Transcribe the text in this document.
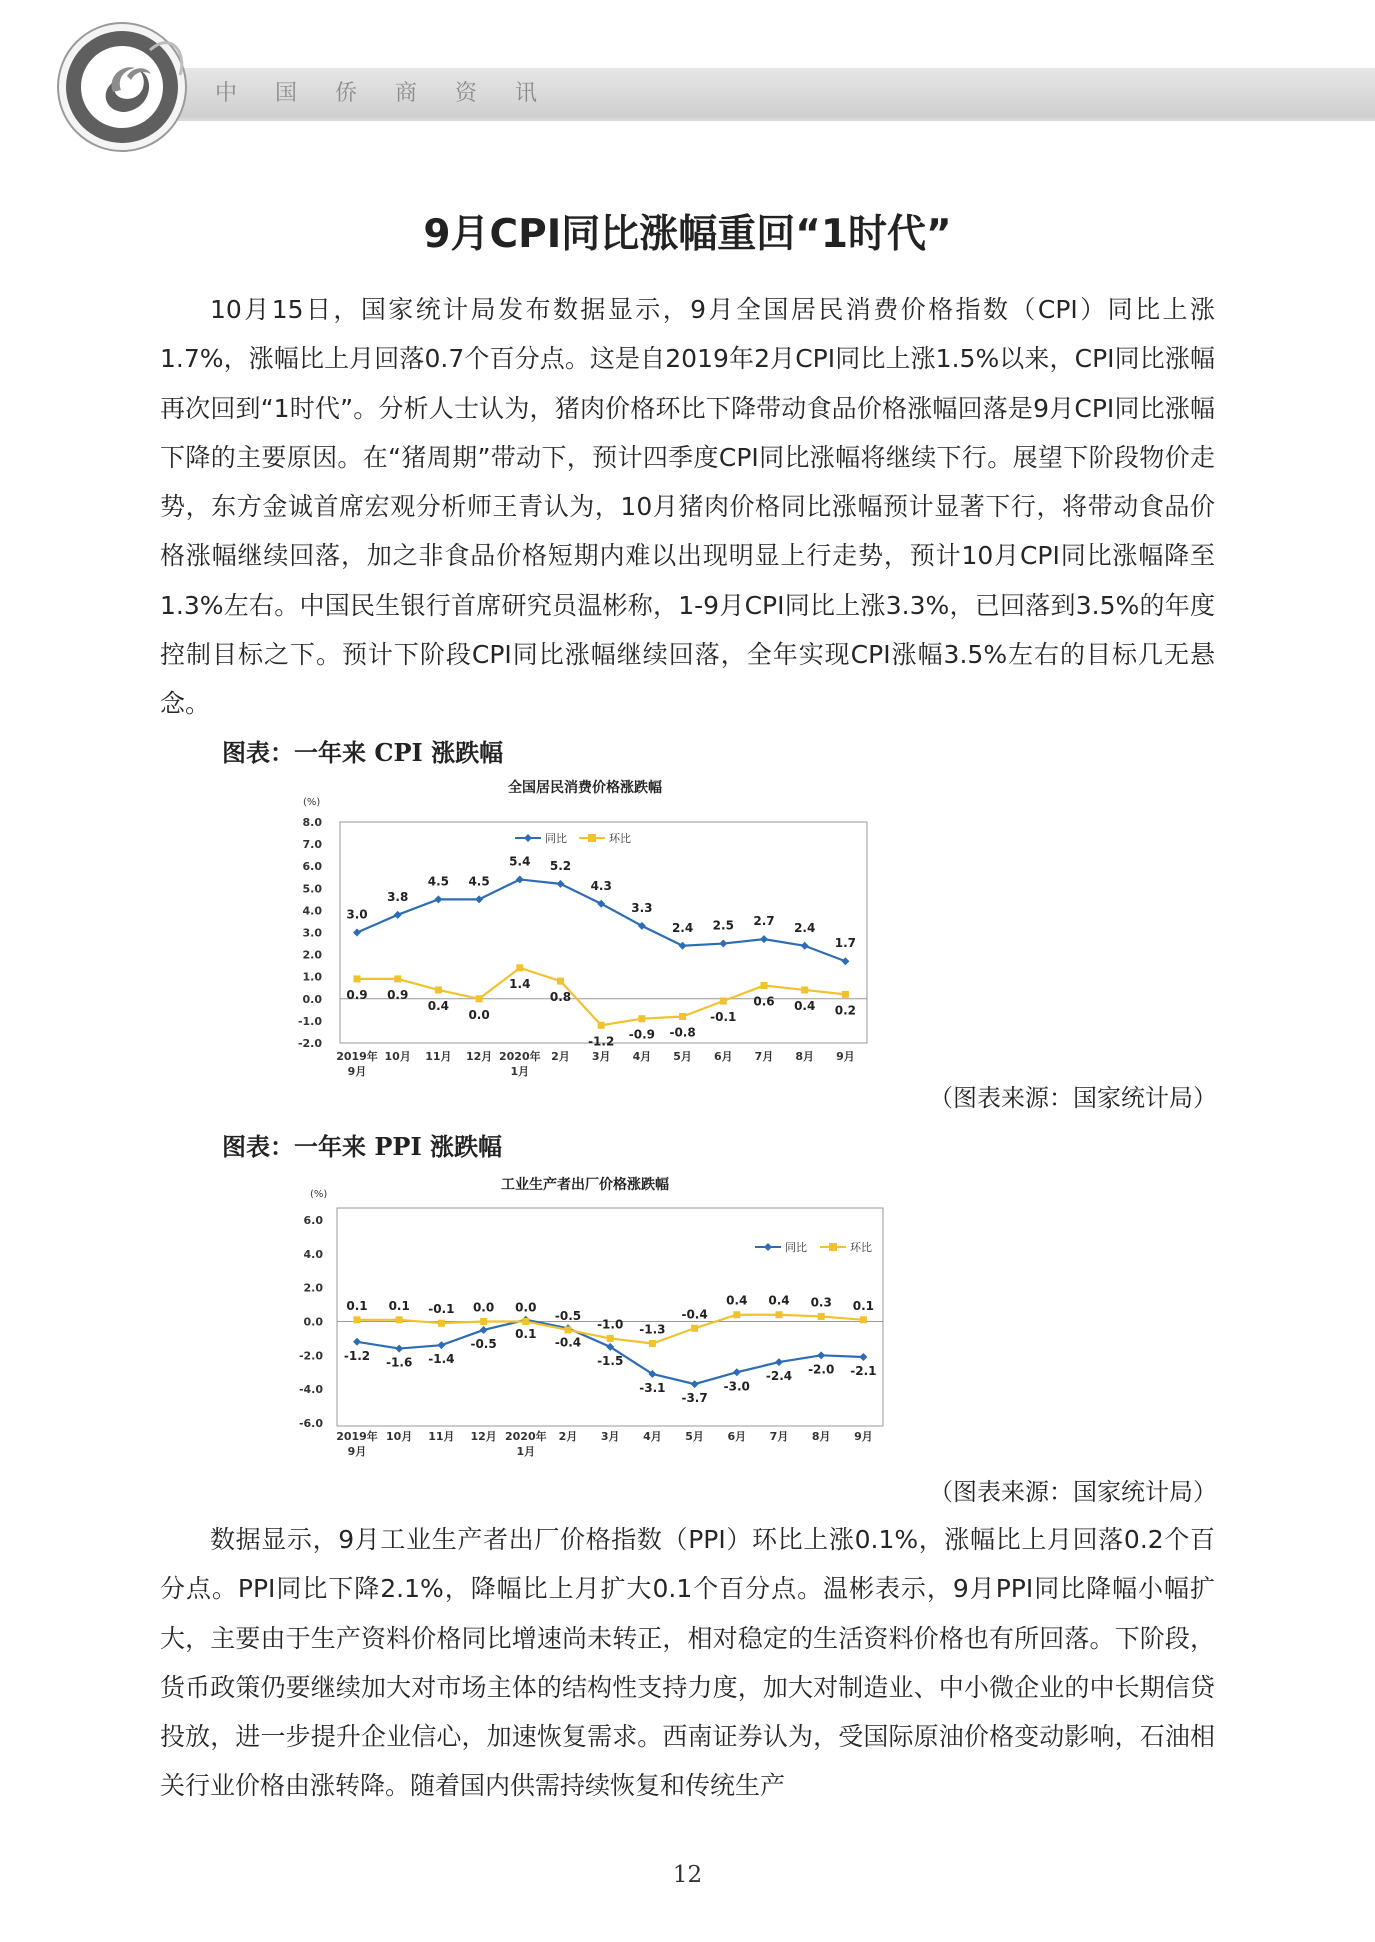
中国侨商资讯
9月CPI同比涨幅重回“1时代”
10月15日，国家统计局发布数据显示，9月全国居民消费价格指数（CPI）同比上涨1.7%，涨幅比上月回落0.7个百分点。这是自2019年2月CPI同比上涨1.5%以来，CPI同比涨幅再次回到“1时代”。分析人士认为，猪肉价格环比下降带动食品价格涨幅回落是9月CPI同比涨幅下降的主要原因。在“猪周期”带动下，预计四季度CPI同比涨幅将继续下行。展望下阶段物价走势，东方金诚首席宏观分析师王青认为，10月猪肉价格同比涨幅预计显著下行，将带动食品价格涨幅继续回落，加之非食品价格短期内难以出现明显上行走势，预计10月CPI同比涨幅降至1.3%左右。中国民生银行首席研究员温彬称，1-9月CPI同比上涨3.3%，已回落到3.5%的年度控制目标之下。预计下阶段CPI同比涨幅继续回落，全年实现CPI涨幅3.5%左右的目标几无悬念。
图表：一年来 CPI 涨跌幅
全国居民消费价格涨跌幅
(%)
8.0
7.0
6.0
5.0
4.0
3.0
2.0
1.0
0.0
-1.0
-2.0
2019年
9月
10月 11月 12月 2020年
1月
2月 3月 4月 5月 6月 7月 8月 9月
同比	环比
3.0
3.8
4.5 4.5
5.4 5.2
4.3
3.3
2.4 2.5 2.7 2.4
1.7
0.9 0.9
0.4
0.0
1.4
0.8
-1.2 -0.9 -0.8
-0.1
0.6 0.4 0.2
（图表来源：国家统计局）
图表：一年来 PPI 涨跌幅
工业生产者出厂价格涨跌幅
(%)
6.0
4.0
2.0
0.0
-2.0
-4.0
-6.0
2019年
9月
10月 11月 12月 2020年
1月
2月 3月 4月 5月 6月 7月 8月 9月
同比	环比
-1.2 -1.6 -1.4
-0.5
0.1
-0.4
-1.5
-3.1
-3.7
-3.0
-2.4 -2.0 -2.1
0.1 0.1 -0.1 0.0 0.0
-0.5
-1.0 -1.3
-0.4
0.4 0.4 0.3 0.1
（图表来源：国家统计局）
数据显示，9月工业生产者出厂价格指数（PPI）环比上涨0.1%，涨幅比上月回落0.2个百分点。PPI同比下降2.1%，降幅比上月扩大0.1个百分点。温彬表示，9月PPI同比降幅小幅扩大，主要由于生产资料价格同比增速尚未转正，相对稳定的生活资料价格也有所回落。下阶段，货币政策仍要继续加大对市场主体的结构性支持力度，加大对制造业、中小微企业的中长期信贷投放，进一步提升企业信心，加速恢复需求。西南证券认为，受国际原油价格变动影响，石油相关行业价格由涨转降。随着国内供需持续恢复和传统生产
12
